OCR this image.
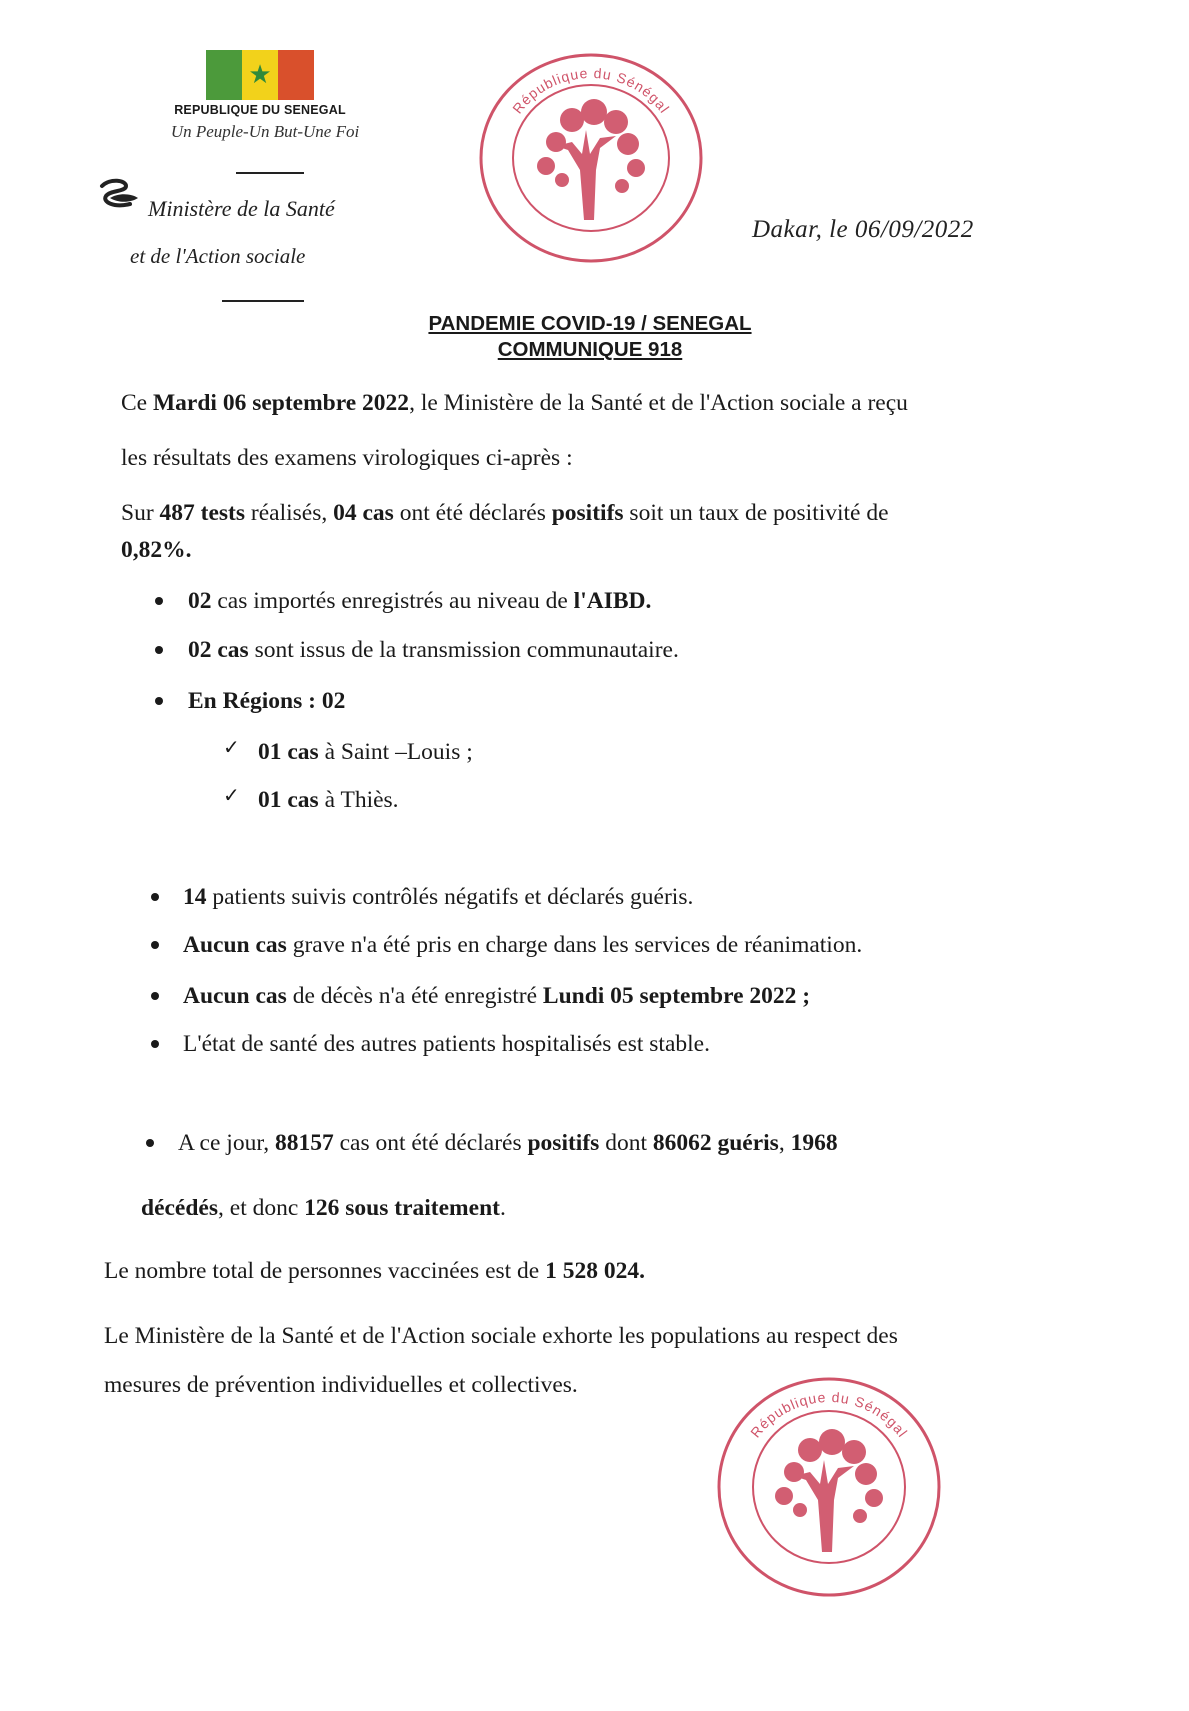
★
REPUBLIQUE DU SENEGAL
Un Peuple-Un But-Une Foi
Ministère de la Santé
et de l'Action sociale
République du Sénégal
Dakar, le 06/09/2022
PANDEMIE COVID-19 / SENEGAL
COMMUNIQUE 918
Ce Mardi 06 septembre 2022, le Ministère de la Santé et de l'Action sociale a reçu
les résultats des examens virologiques ci-après :
Sur 487 tests réalisés, 04 cas ont été déclarés positifs soit un taux de positivité de
0,82%.
02 cas importés enregistrés au niveau de l'AIBD.
02 cas sont issus de la transmission communautaire.
En Régions : 02
✓ 01 cas à Saint –Louis ;
✓ 01 cas à Thiès.
14 patients suivis contrôlés négatifs et déclarés guéris.
Aucun cas grave n'a été pris en charge dans les services de réanimation.
Aucun cas de décès n'a été enregistré Lundi 05 septembre 2022 ;
L'état de santé des autres patients hospitalisés est stable.
A ce jour, 88157 cas ont été déclarés positifs dont 86062 guéris, 1968
décédés, et donc 126 sous traitement.
Le nombre total de personnes vaccinées est de 1 528 024.
Le Ministère de la Santé et de l'Action sociale exhorte les populations au respect des
mesures de prévention individuelles et collectives.
République du Sénégal
